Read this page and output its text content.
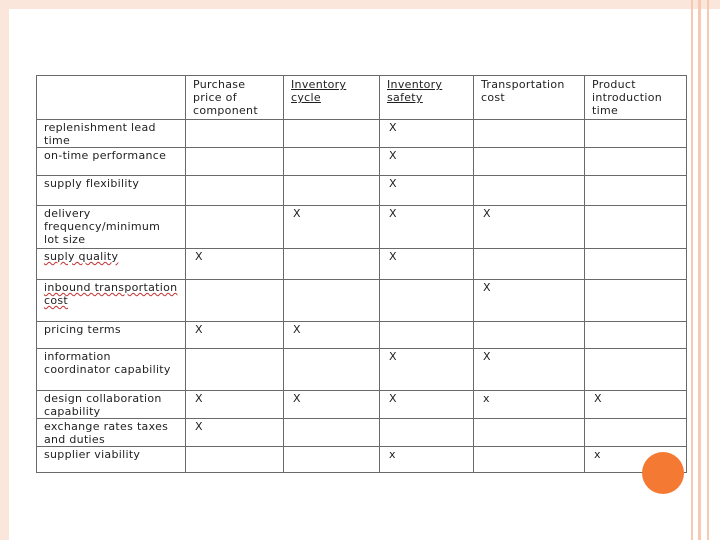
	Purchase price of component	Inventory cycle	Inventory safety	Transportation cost	Product introduction time
replenishment lead time			X		
on-time performance			X		
supply flexibility			X		
delivery frequency/minimum lot size		X	X	X	
suply quality	X		X		
inbound transportation cost				X	
pricing terms	X	X			
information coordinator capability			X	X	
design collaboration capability	X	X	X	x	X
exchange rates taxes and duties	X				
supplier viability			x		x
